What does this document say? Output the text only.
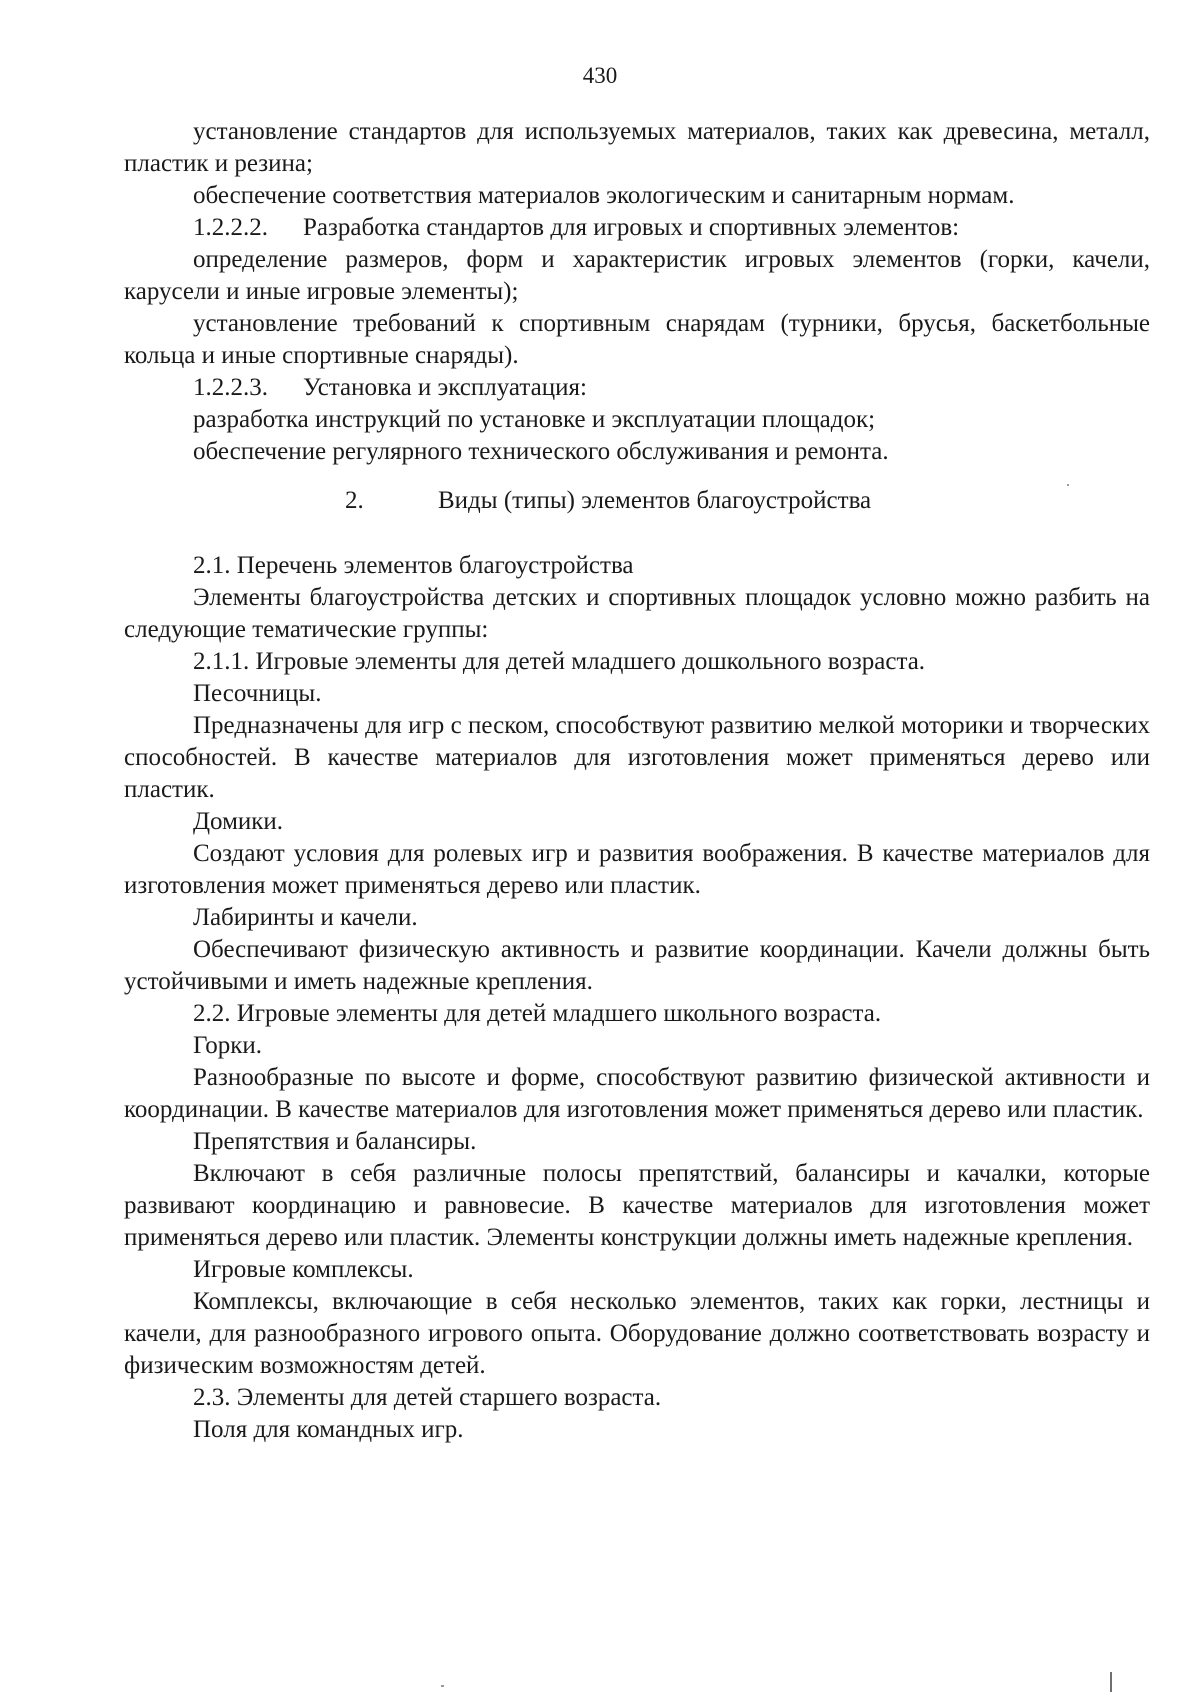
430

установление стандартов для используемых материалов, таких как древесина, металл, пластик и резина;

обеспечение соответствия материалов экологическим и санитарным нормам.

1.2.2.2. Разработка стандартов для игровых и спортивных элементов:

определение размеров, форм и характеристик игровых элементов (горки, качели, карусели и иные игровые элементы);

установление требований к спортивным снарядам (турники, брусья, баскетбольные кольца и иные спортивные снаряды).

1.2.2.3. Установка и эксплуатация:

разработка инструкций по установке и эксплуатации площадок;

обеспечение регулярного технического обслуживания и ремонта.

2.	Виды (типы) элементов благоустройства

2.1. Перечень элементов благоустройства

Элементы благоустройства детских и спортивных площадок условно можно разбить на следующие тематические группы:

2.1.1. Игровые элементы для детей младшего дошкольного возраста.

Песочницы.

Предназначены для игр с песком, способствуют развитию мелкой моторики и творческих способностей. В качестве материалов для изготовления может применяться дерево или пластик.

Домики.

Создают условия для ролевых игр и развития воображения. В качестве материалов для изготовления может применяться дерево или пластик.

Лабиринты и качели.

Обеспечивают физическую активность и развитие координации. Качели должны быть устойчивыми и иметь надежные крепления.

2.2. Игровые элементы для детей младшего школьного возраста.

Горки.

Разнообразные по высоте и форме, способствуют развитию физической активности и координации. В качестве материалов для изготовления может применяться дерево или пластик.

Препятствия и балансиры.

Включают в себя различные полосы препятствий, балансиры и качалки, которые развивают координацию и равновесие. В качестве материалов для изготовления может применяться дерево или пластик. Элементы конструкции должны иметь надежные крепления.

Игровые комплексы.

Комплексы, включающие в себя несколько элементов, таких как горки, лестницы и качели, для разнообразного игрового опыта. Оборудование должно соответствовать возрасту и физическим возможностям детей.

2.3. Элементы для детей старшего возраста.

Поля для командных игр.
